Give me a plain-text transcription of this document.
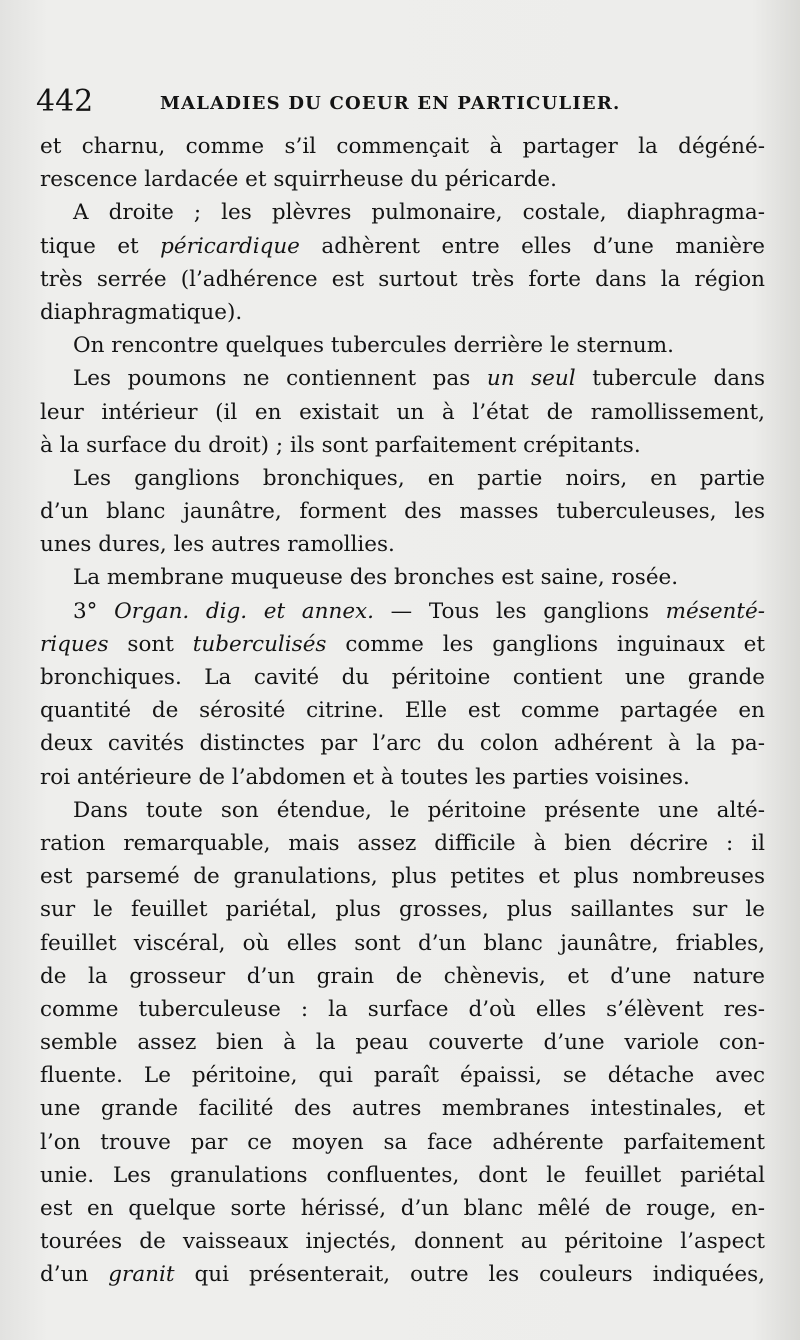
442	MALADIES DU COEUR EN PARTICULIER.
et charnu, comme s’il commençait à partager la dégéné-
rescence lardacée et squirrheuse du péricarde.
A droite ; les plèvres pulmonaire, costale, diaphragma-
tique et péricardique adhèrent entre elles d’une manière
très serrée (l’adhérence est surtout très forte dans la région
diaphragmatique).
On rencontre quelques tubercules derrière le sternum.
Les poumons ne contiennent pas un seul tubercule dans
leur intérieur (il en existait un à l’état de ramollissement,
à la surface du droit) ; ils sont parfaitement crépitants.
Les ganglions bronchiques, en partie noirs, en partie
d’un blanc jaunâtre, forment des masses tuberculeuses, les
unes dures, les autres ramollies.
La membrane muqueuse des bronches est saine, rosée.
3° Organ. dig. et annex. — Tous les ganglions mésenté-
riques sont tuberculisés comme les ganglions inguinaux et
bronchiques. La cavité du péritoine contient une grande
quantité de sérosité citrine. Elle est comme partagée en
deux cavités distinctes par l’arc du colon adhérent à la pa-
roi antérieure de l’abdomen et à toutes les parties voisines.
Dans toute son étendue, le péritoine présente une alté-
ration remarquable, mais assez difficile à bien décrire : il
est parsemé de granulations, plus petites et plus nombreuses
sur le feuillet pariétal, plus grosses, plus saillantes sur le
feuillet viscéral, où elles sont d’un blanc jaunâtre, friables,
de la grosseur d’un grain de chènevis, et d’une nature
comme tuberculeuse : la surface d’où elles s’élèvent res-
semble assez bien à la peau couverte d’une variole con-
fluente. Le péritoine, qui paraît épaissi, se détache avec
une grande facilité des autres membranes intestinales, et
l’on trouve par ce moyen sa face adhérente parfaitement
unie. Les granulations confluentes, dont le feuillet pariétal
est en quelque sorte hérissé, d’un blanc mêlé de rouge, en-
tourées de vaisseaux injectés, donnent au péritoine l’aspect
d’un granit qui présenterait, outre les couleurs indiquées,
